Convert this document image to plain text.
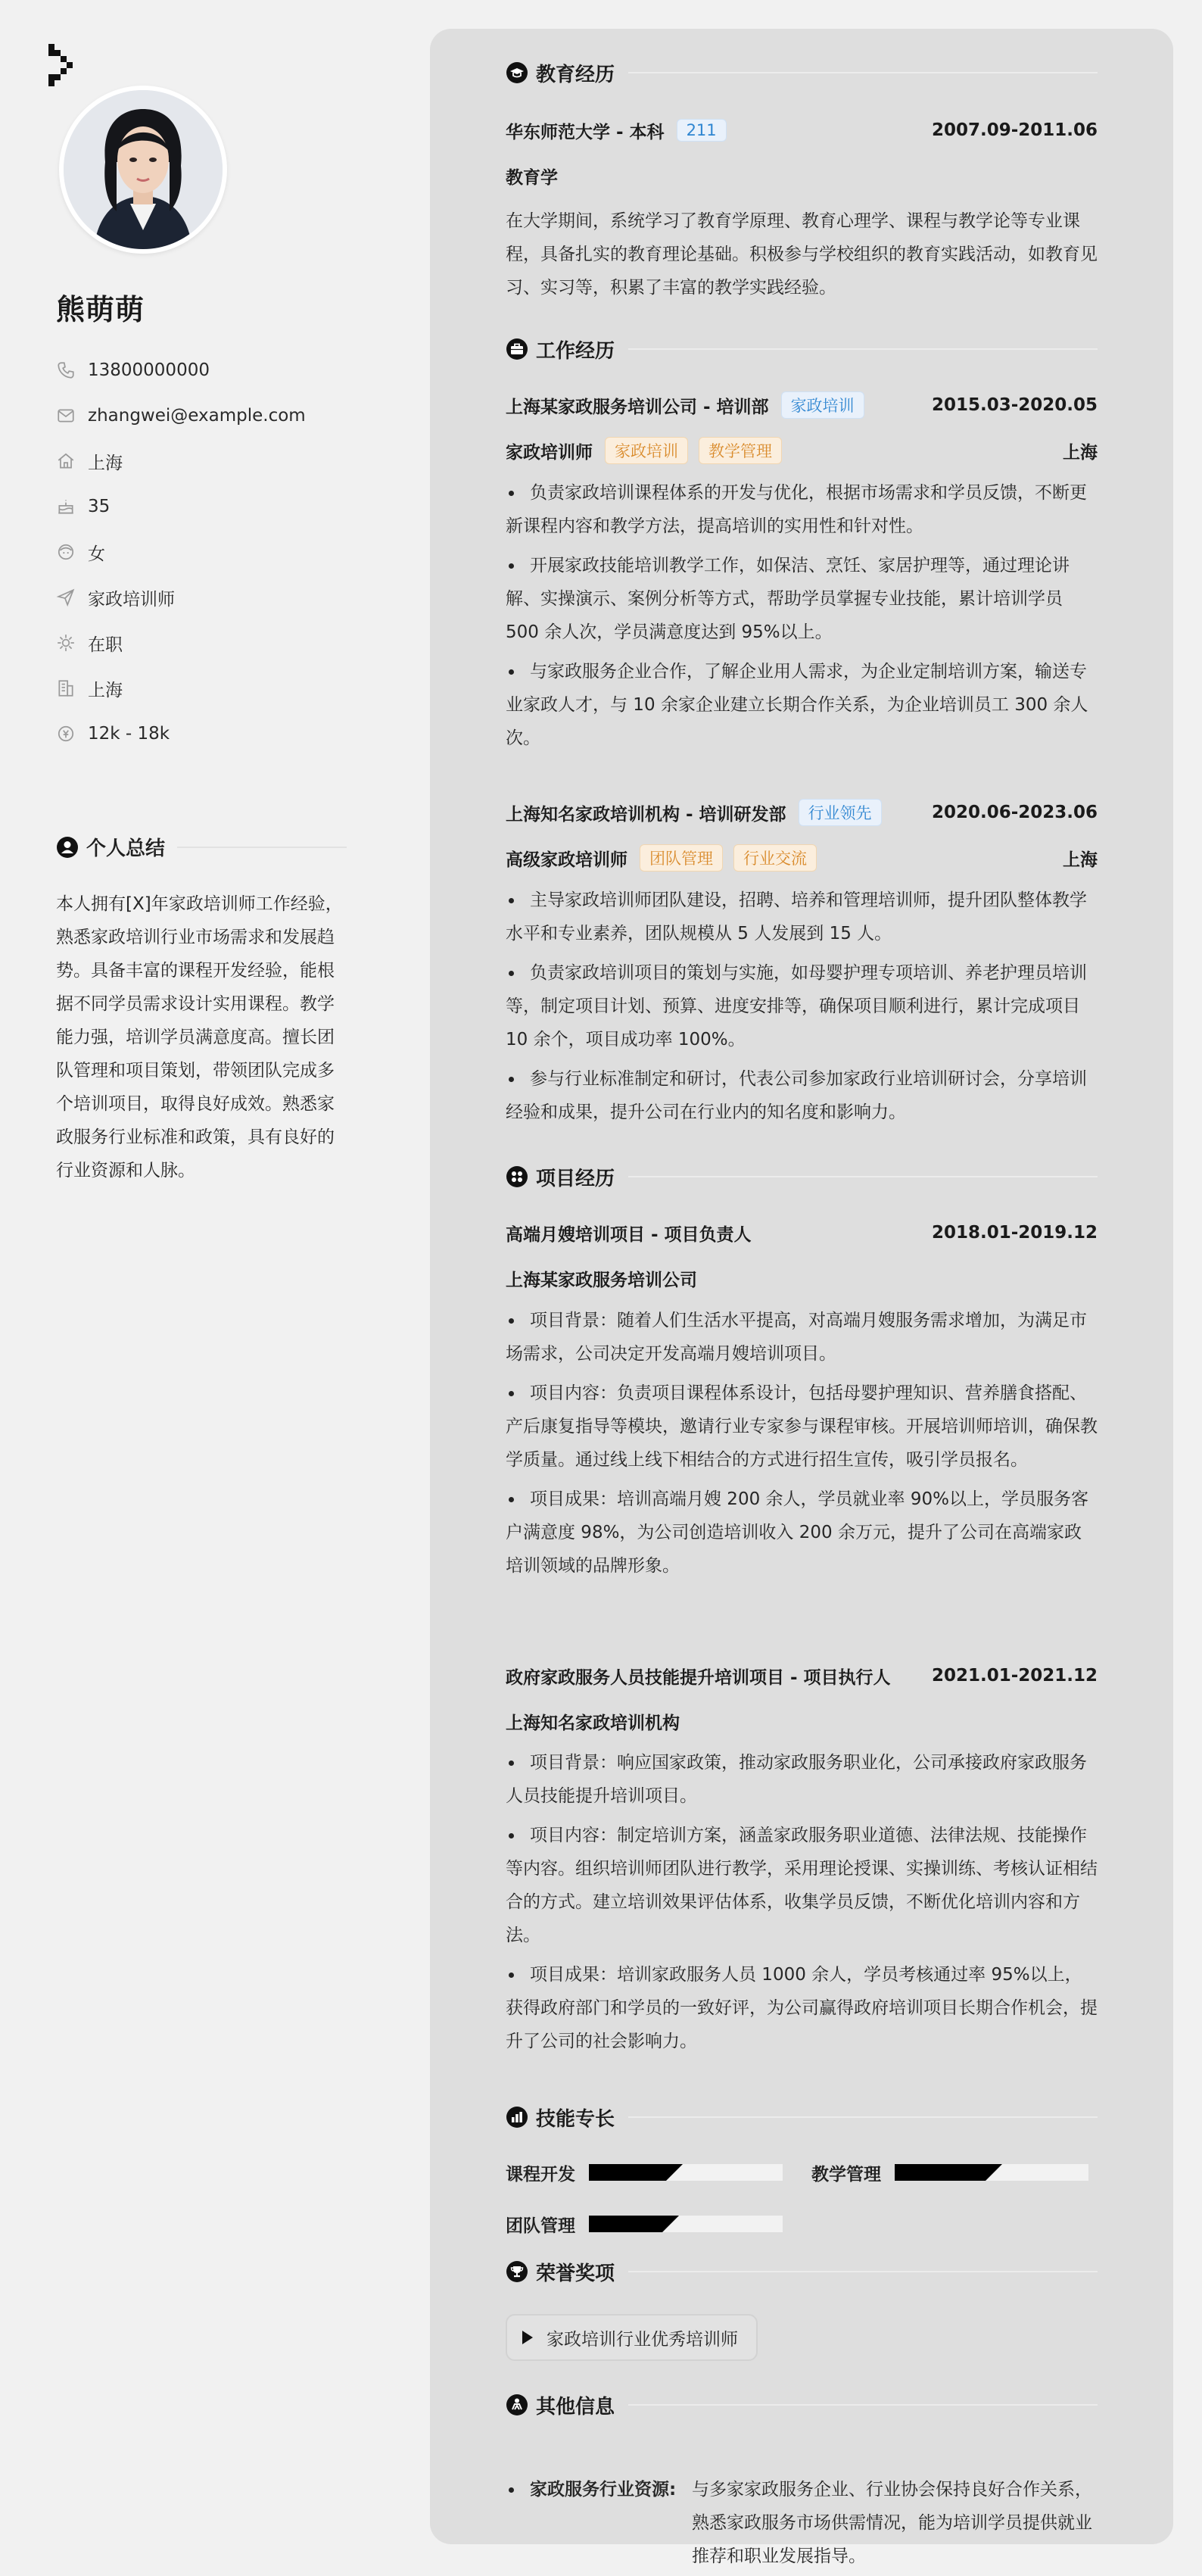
熊萌萌
13800000000
zhangwei@example.com
上海
35
女
家政培训师
在职
上海
12k - 18k
个人总结
本人拥有[X]年家政培训师工作经验，熟悉家政培训行业市场需求和发展趋势。具备丰富的课程开发经验，能根据不同学员需求设计实用课程。教学能力强，培训学员满意度高。擅长团队管理和项目策划，带领团队完成多个培训项目，取得良好成效。熟悉家政服务行业标准和政策，具有良好的行业资源和人脉。
教育经历
华东师范大学 - 本科	211	2007.09-2011.06
教育学
在大学期间，系统学习了教育学原理、教育心理学、课程与教学论等专业课程，具备扎实的教育理论基础。积极参与学校组织的教育实践活动，如教育见习、实习等，积累了丰富的教学实践经验。
工作经历
上海某家政服务培训公司 - 培训部	家政培训	2015.03-2020.05
家政培训师	家政培训	教学管理	上海
负责家政培训课程体系的开发与优化，根据市场需求和学员反馈，不断更新课程内容和教学方法，提高培训的实用性和针对性。
开展家政技能培训教学工作，如保洁、烹饪、家居护理等，通过理论讲解、实操演示、案例分析等方式，帮助学员掌握专业技能，累计培训学员 500 余人次，学员满意度达到 95%以上。
与家政服务企业合作，了解企业用人需求，为企业定制培训方案，输送专业家政人才，与 10 余家企业建立长期合作关系，为企业培训员工 300 余人次。
上海知名家政培训机构 - 培训研发部	行业领先	2020.06-2023.06
高级家政培训师	团队管理	行业交流	上海
主导家政培训师团队建设，招聘、培养和管理培训师，提升团队整体教学水平和专业素养，团队规模从 5 人发展到 15 人。
负责家政培训项目的策划与实施，如母婴护理专项培训、养老护理员培训等，制定项目计划、预算、进度安排等，确保项目顺利进行，累计完成项目 10 余个，项目成功率 100%。
参与行业标准制定和研讨，代表公司参加家政行业培训研讨会，分享培训经验和成果，提升公司在行业内的知名度和影响力。
项目经历
高端月嫂培训项目 - 项目负责人	2018.01-2019.12
上海某家政服务培训公司
项目背景：随着人们生活水平提高，对高端月嫂服务需求增加，为满足市场需求，公司决定开发高端月嫂培训项目。
项目内容：负责项目课程体系设计，包括母婴护理知识、营养膳食搭配、产后康复指导等模块，邀请行业专家参与课程审核。开展培训师培训，确保教学质量。通过线上线下相结合的方式进行招生宣传，吸引学员报名。
项目成果：培训高端月嫂 200 余人，学员就业率 90%以上，学员服务客户满意度 98%，为公司创造培训收入 200 余万元，提升了公司在高端家政培训领域的品牌形象。
政府家政服务人员技能提升培训项目 - 项目执行人 2021.01-2021.12
上海知名家政培训机构
项目背景：响应国家政策，推动家政服务职业化，公司承接政府家政服务人员技能提升培训项目。
项目内容：制定培训方案，涵盖家政服务职业道德、法律法规、技能操作等内容。组织培训师团队进行教学，采用理论授课、实操训练、考核认证相结合的方式。建立培训效果评估体系，收集学员反馈，不断优化培训内容和方法。
项目成果：培训家政服务人员 1000 余人，学员考核通过率 95%以上，获得政府部门和学员的一致好评，为公司赢得政府培训项目长期合作机会，提升了公司的社会影响力。
技能专长
课程开发	教学管理
团队管理
荣誉奖项
家政培训行业优秀培训师
其他信息
家政服务行业资源: 与多家家政服务企业、行业协会保持良好合作关系，熟悉家政服务市场供需情况，能为培训学员提供就业推荐和职业发展指导。
